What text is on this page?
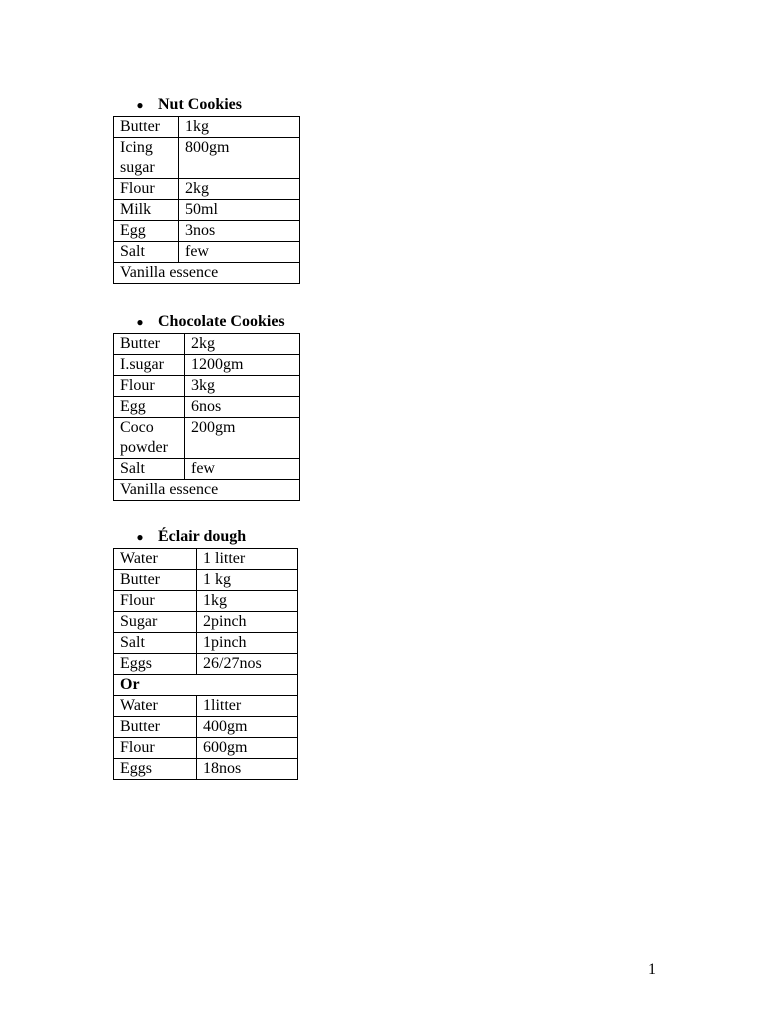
● Nut Cookies
Butter	1kg
Icing sugar	800gm
Flour	2kg
Milk	50ml
Egg	3nos
Salt	few
Vanilla essence	
● Chocolate Cookies
Butter	2kg
I.sugar	1200gm
Flour	3kg
Egg	6nos
Coco powder	200gm
Salt	few
Vanilla essence	
● Éclair dough
Water	1 litter
Butter	1 kg
Flour	1kg
Sugar	2pinch
Salt	1pinch
Eggs	26/27nos
Or	
Water	1litter
Butter	400gm
Flour	600gm
Eggs	18nos
1
